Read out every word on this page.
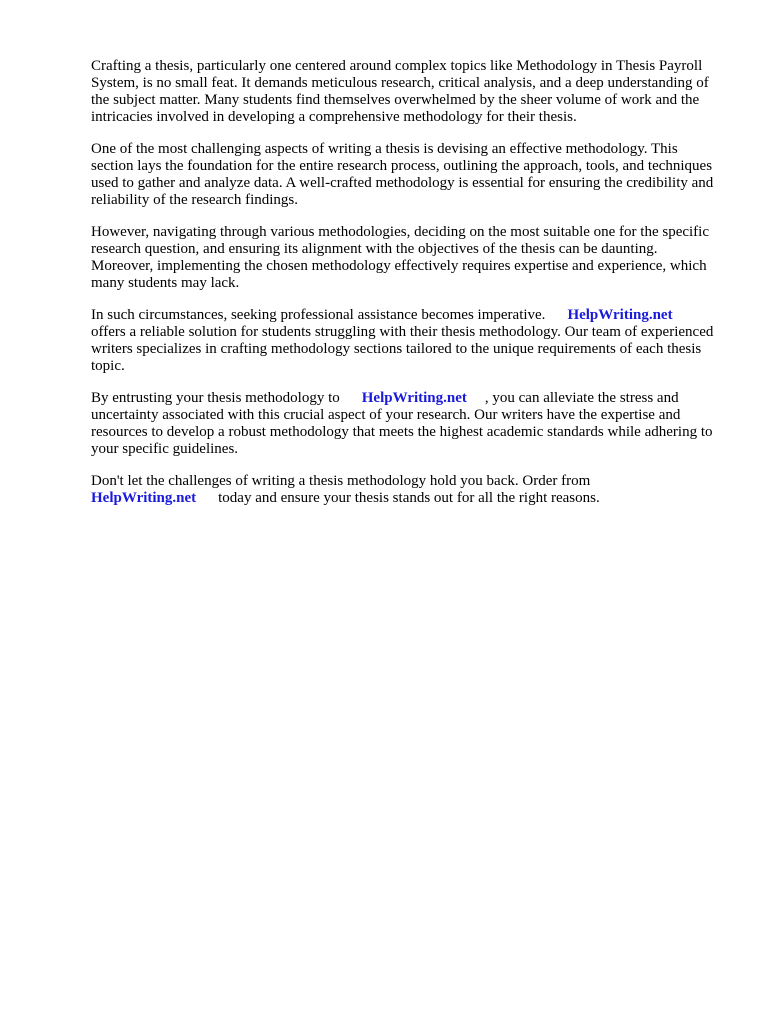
Crafting a thesis, particularly one centered around complex topics like Methodology in Thesis Payroll System, is no small feat. It demands meticulous research, critical analysis, and a deep understanding of the subject matter. Many students find themselves overwhelmed by the sheer volume of work and the intricacies involved in developing a comprehensive methodology for their thesis.

One of the most challenging aspects of writing a thesis is devising an effective methodology. This section lays the foundation for the entire research process, outlining the approach, tools, and techniques used to gather and analyze data. A well-crafted methodology is essential for ensuring the credibility and reliability of the research findings.

However, navigating through various methodologies, deciding on the most suitable one for the specific research question, and ensuring its alignment with the objectives of the thesis can be daunting. Moreover, implementing the chosen methodology effectively requires expertise and experience, which many students may lack.

In such circumstances, seeking professional assistance becomes imperative. HelpWriting.net
offers a reliable solution for students struggling with their thesis methodology. Our team of experienced writers specializes in crafting methodology sections tailored to the unique requirements of each thesis topic.

By entrusting your thesis methodology to HelpWriting.net , you can alleviate the stress and uncertainty associated with this crucial aspect of your research. Our writers have the expertise and resources to develop a robust methodology that meets the highest academic standards while adhering to your specific guidelines.

Don't let the challenges of writing a thesis methodology hold you back. Order from
HelpWriting.net today and ensure your thesis stands out for all the right reasons.
